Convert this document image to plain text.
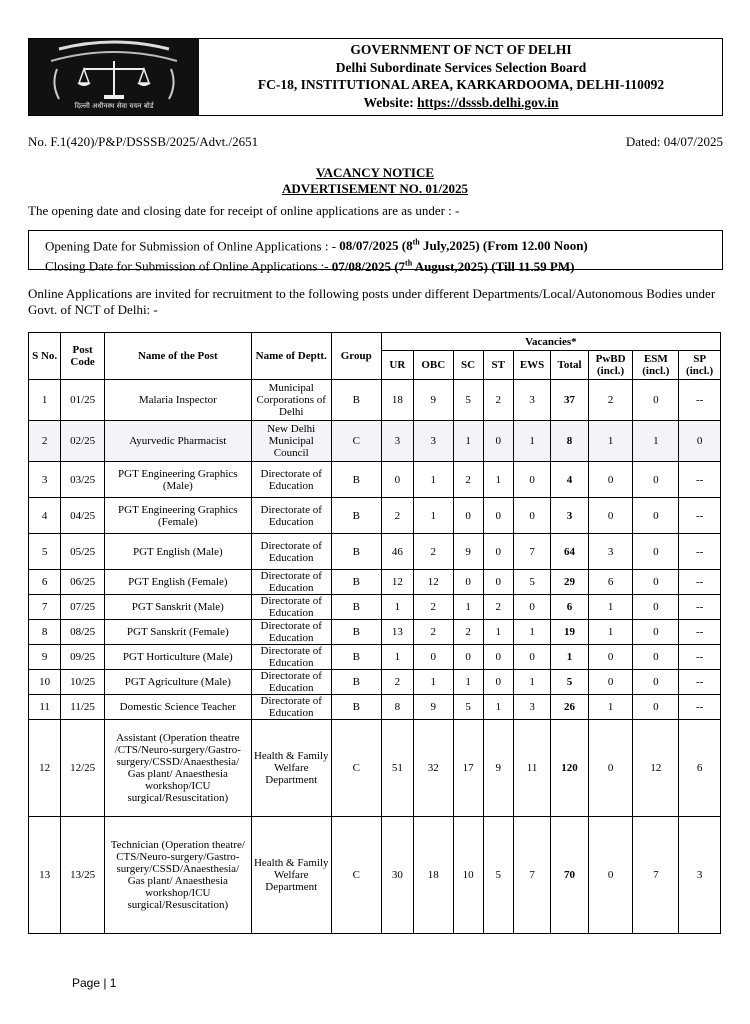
दिल्ली अधीनस्थ सेवा चयन बोर्ड
GOVERNMENT OF NCT OF DELHI
Delhi Subordinate Services Selection Board
FC-18, INSTITUTIONAL AREA, KARKARDOOMA, DELHI-110092
Website: https://dsssb.delhi.gov.in
No. F.1(420)/P&P/DSSSB/2025/Advt./2651	Dated: 04/07/2025
VACANCY NOTICE
ADVERTISEMENT NO. 01/2025
The opening date and closing date for receipt of online applications are as under : -
Opening Date for Submission of Online Applications : - 08/07/2025 (8th July,2025) (From 12.00 Noon)
Closing Date for Submission of Online Applications :- 07/08/2025 (7th August,2025) (Till 11.59 PM)
Online Applications are invited for recruitment to the following posts under different Departments/Local/Autonomous Bodies under Govt. of NCT of Delhi: -
S No.	Post Code	Name of the Post	Name of Deptt.	Group	Vacancies*								
					UR	OBC	SC	ST	EWS	Total	PwBD (incl.)	ESM (incl.)	SP (incl.)
1	01/25	Malaria Inspector	Municipal Corporations of Delhi	B	18	9	5	2	3	37	2	0	--
2	02/25	Ayurvedic Pharmacist	New Delhi Municipal Council	C	3	3	1	0	1	8	1	1	0
3	03/25	PGT Engineering Graphics (Male)	Directorate of Education	B	0	1	2	1	0	4	0	0	--
4	04/25	PGT Engineering Graphics (Female)	Directorate of Education	B	2	1	0	0	0	3	0	0	--
5	05/25	PGT English (Male)	Directorate of Education	B	46	2	9	0	7	64	3	0	--
6	06/25	PGT English (Female)	Directorate of Education	B	12	12	0	0	5	29	6	0	--
7	07/25	PGT Sanskrit (Male)	Directorate of Education	B	1	2	1	2	0	6	1	0	--
8	08/25	PGT Sanskrit (Female)	Directorate of Education	B	13	2	2	1	1	19	1	0	--
9	09/25	PGT Horticulture (Male)	Directorate of Education	B	1	0	0	0	0	1	0	0	--
10	10/25	PGT Agriculture (Male)	Directorate of Education	B	2	1	1	0	1	5	0	0	--
11	11/25	Domestic Science Teacher	Directorate of Education	B	8	9	5	1	3	26	1	0	--
12	12/25	Assistant (Operation theatre /CTS/Neuro-surgery/Gastro-surgery/CSSD/Anaesthesia/ Gas plant/ Anaesthesia workshop/ICU surgical/Resuscitation)	Health & Family Welfare Department	C	51	32	17	9	11	120	0	12	6
13	13/25	Technician (Operation theatre/ CTS/Neuro-surgery/Gastro-surgery/CSSD/Anaesthesia/ Gas plant/ Anaesthesia workshop/ICU surgical/Resuscitation)	Health & Family Welfare Department	C	30	18	10	5	7	70	0	7	3
Page | 1
